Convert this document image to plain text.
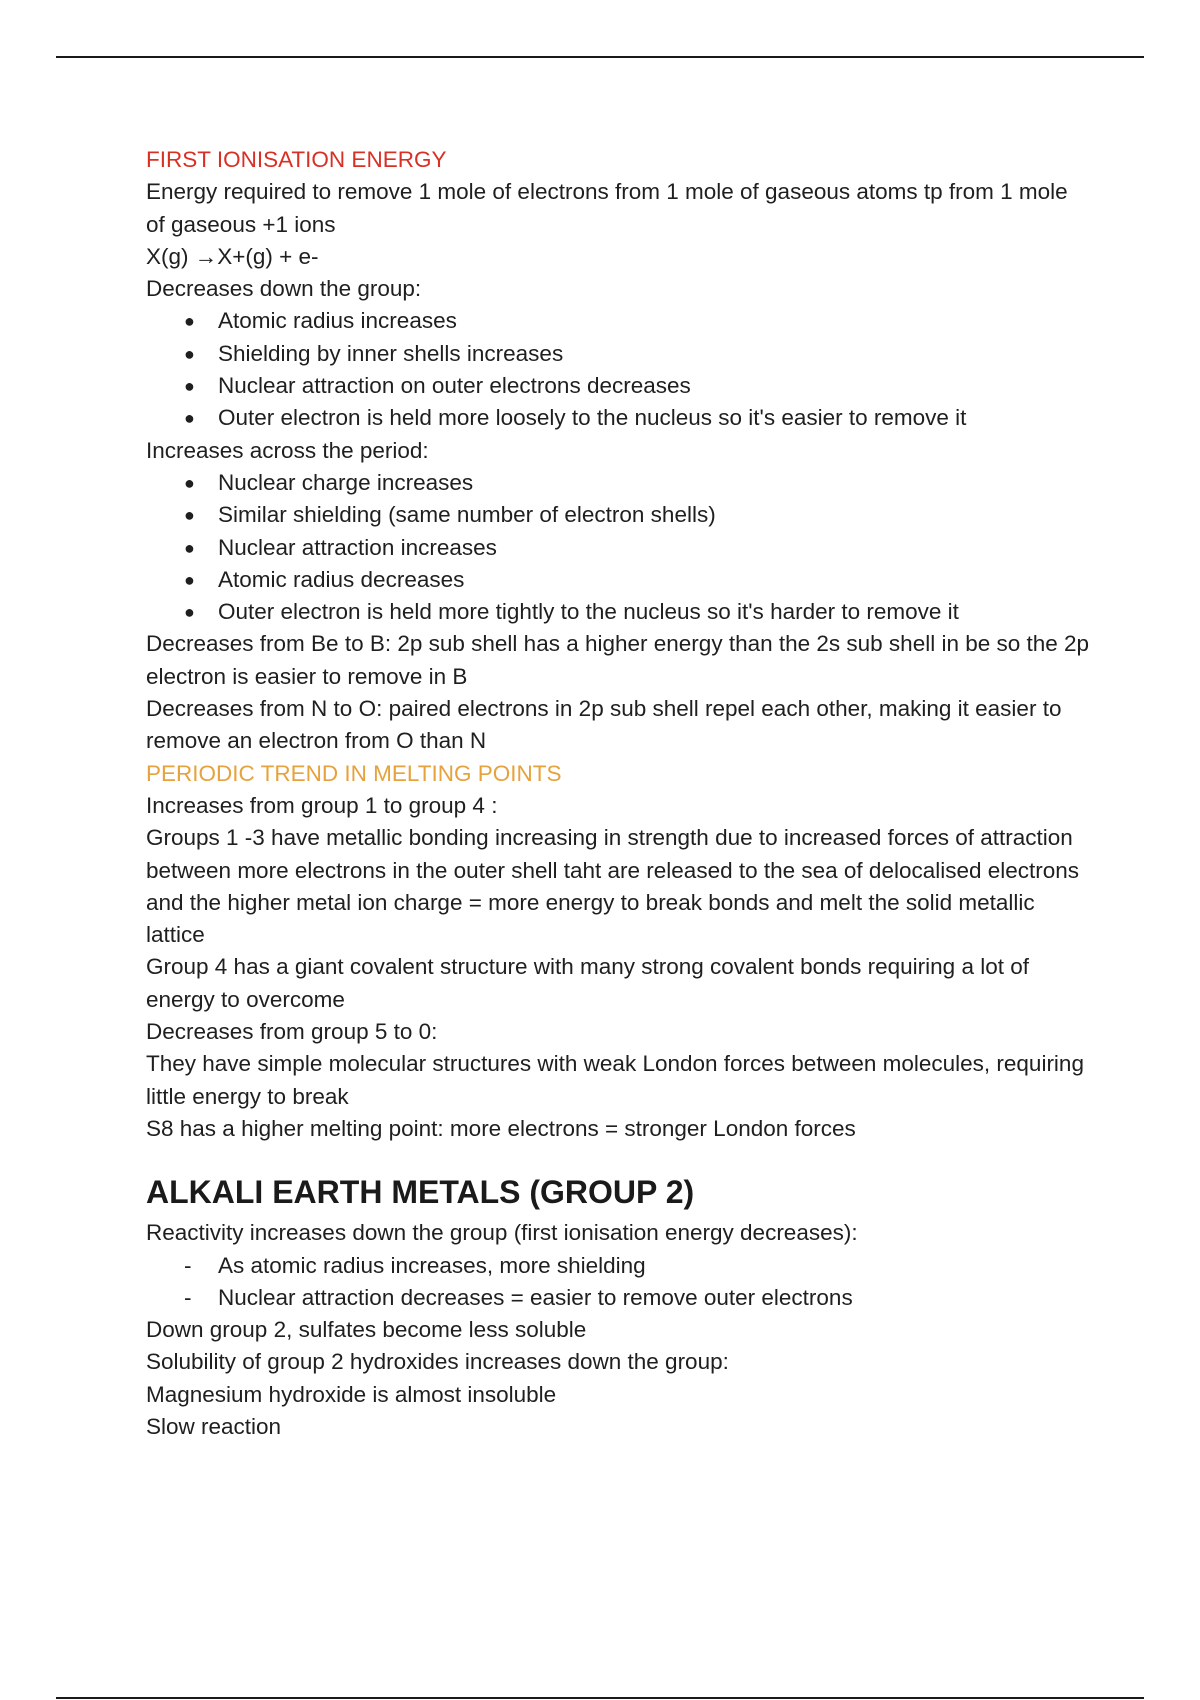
FIRST IONISATION ENERGY

Energy required to remove 1 mole of electrons from 1 mole of gaseous atoms tp from 1 mole of gaseous +1 ions

X(g) →X+(g) + e-

Decreases down the group:

● Atomic radius increases
● Shielding by inner shells increases
● Nuclear attraction on outer electrons decreases
● Outer electron is held more loosely to the nucleus so it's easier to remove it

Increases across the period:

● Nuclear charge increases
● Similar shielding (same number of electron shells)
● Nuclear attraction increases
● Atomic radius decreases
● Outer electron is held more tightly to the nucleus so it's harder to remove it

Decreases from Be to B: 2p sub shell has a higher energy than the 2s sub shell in be so the 2p electron is easier to remove in B

Decreases from N to O: paired electrons in 2p sub shell repel each other, making it easier to remove an electron from O than N

PERIODIC TREND IN MELTING POINTS

Increases from group 1 to group 4 :

Groups 1 -3 have metallic bonding increasing in strength due to increased forces of attraction between more electrons in the outer shell taht are released to the sea of delocalised electrons and the higher metal ion charge = more energy to break bonds and melt the solid metallic lattice

Group 4 has a giant covalent structure with many strong covalent bonds requiring a lot of energy to overcome

Decreases from group 5 to 0:

They have simple molecular structures with weak London forces between molecules, requiring little energy to break

S8 has a higher melting point: more electrons = stronger London forces

ALKALI EARTH METALS (GROUP 2)

Reactivity increases down the group (first ionisation energy decreases):

- As atomic radius increases, more shielding
- Nuclear attraction decreases = easier to remove outer electrons

Down group 2, sulfates become less soluble

Solubility of group 2 hydroxides increases down the group:

Magnesium hydroxide is almost insoluble

Slow reaction
